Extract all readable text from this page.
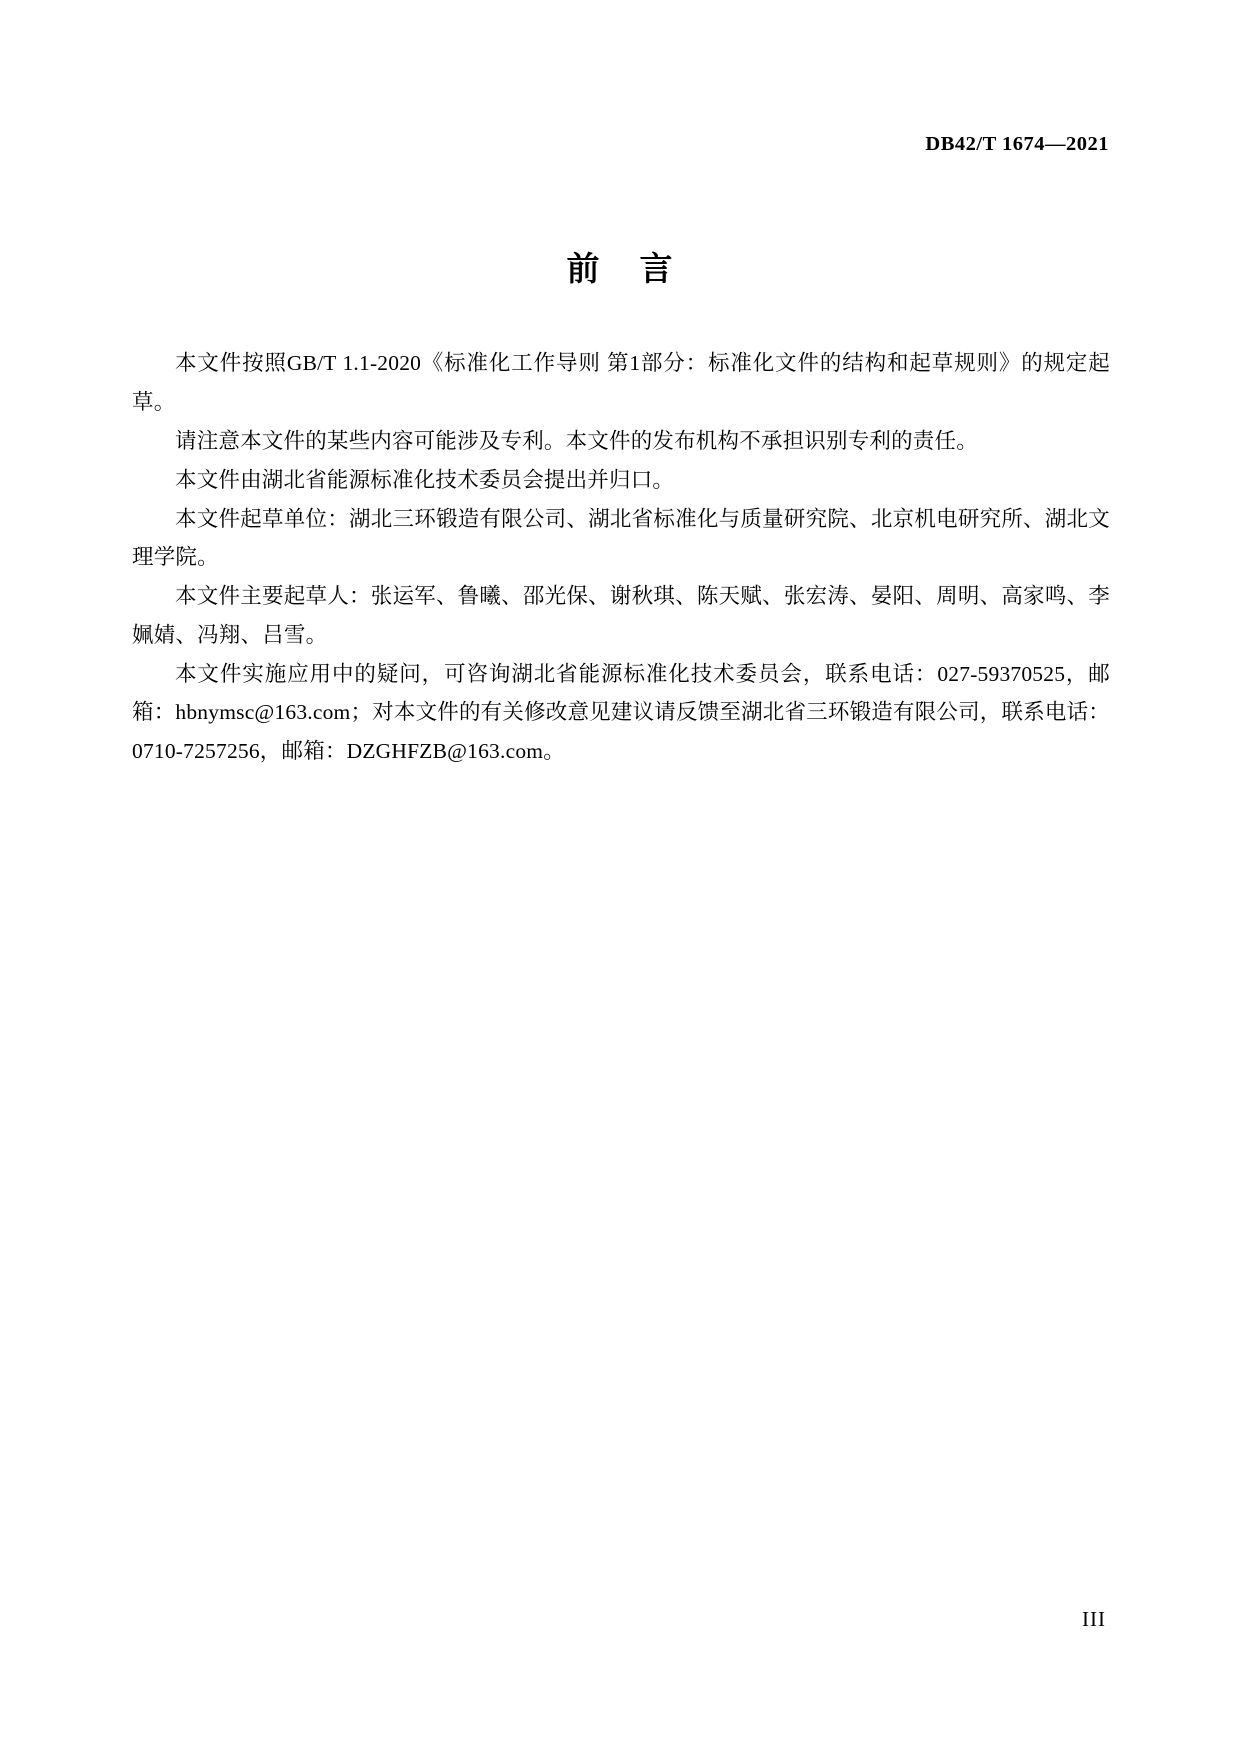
DB42/T 1674—2021
前 言

本文件按照GB/T 1.1-2020《标准化工作导则 第1部分：标准化文件的结构和起草规则》的规定起草。

请注意本文件的某些内容可能涉及专利。本文件的发布机构不承担识别专利的责任。

本文件由湖北省能源标准化技术委员会提出并归口。

本文件起草单位：湖北三环锻造有限公司、湖北省标准化与质量研究院、北京机电研究所、湖北文理学院。

本文件主要起草人：张运军、鲁曦、邵光保、谢秋琪、陈天赋、张宏涛、晏阳、周明、高家鸣、李姵婧、冯翔、吕雪。

本文件实施应用中的疑问，可咨询湖北省能源标准化技术委员会，联系电话：027-59370525，邮箱：hbnymsc@163.com；对本文件的有关修改意见建议请反馈至湖北省三环锻造有限公司，联系电话：0710-7257256，邮箱：DZGHFZB@163.com。

III
